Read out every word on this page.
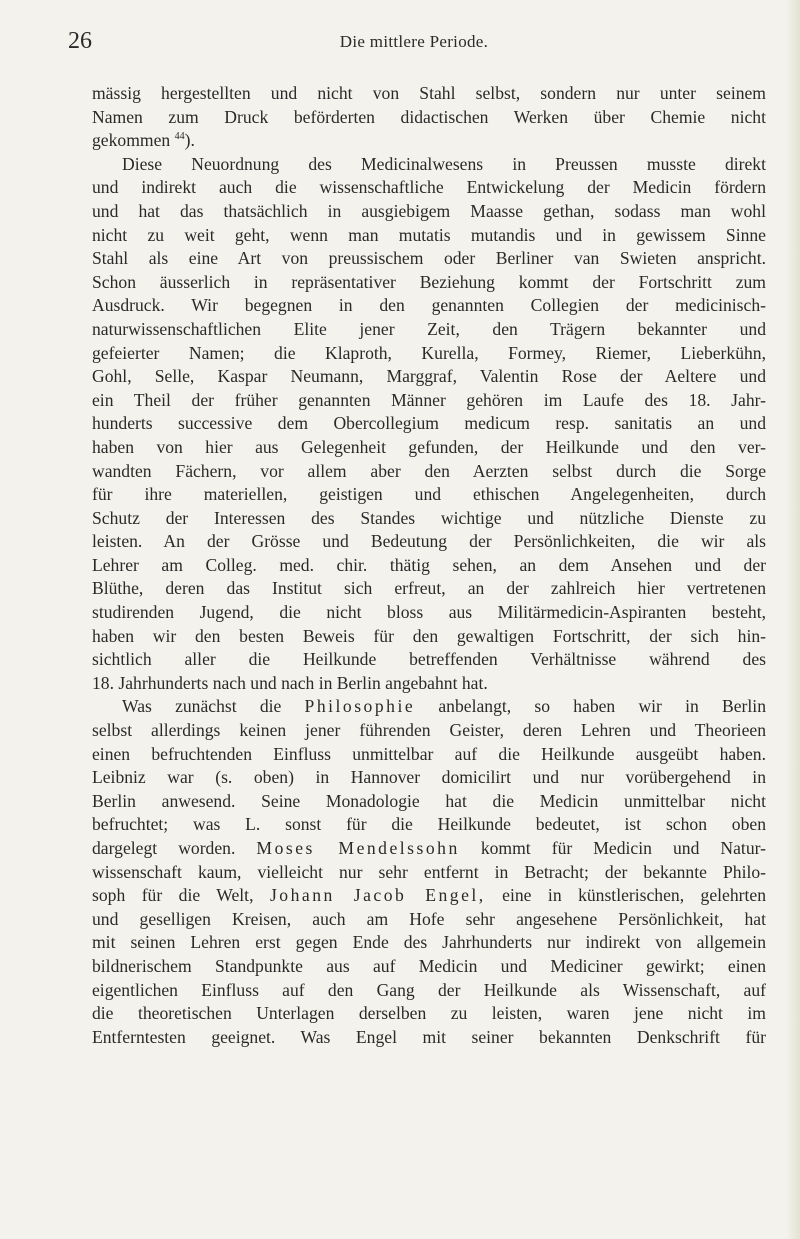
26	Die mittlere Periode.

mässig hergestellten und nicht von Stahl selbst, sondern nur unter seinem

Namen zum Druck beförderten didactischen Werken über Chemie nicht

gekommen $^{44}$).

Diese Neuordnung des Medicinalwesens in Preussen musste direkt

und indirekt auch die wissenschaftliche Entwickelung der Medicin fördern

und hat das thatsächlich in ausgiebigem Maasse gethan, sodass man wohl

nicht zu weit geht, wenn man mutatis mutandis und in gewissem Sinne

Stahl als eine Art von preussischem oder Berliner van Swieten anspricht.

Schon äusserlich in repräsentativer Beziehung kommt der Fortschritt zum

Ausdruck. Wir begegnen in den genannten Collegien der medicinisch-

naturwissenschaftlichen Elite jener Zeit, den Trägern bekannter und

gefeierter Namen; die Klaproth, Kurella, Formey, Riemer, Lieberkühn,

Gohl, Selle, Kaspar Neumann, Marggraf, Valentin Rose der Aeltere und

ein Theil der früher genannten Männer gehören im Laufe des 18. Jahr-

hunderts successive dem Obercollegium medicum resp. sanitatis an und

haben von hier aus Gelegenheit gefunden, der Heilkunde und den ver-

wandten Fächern, vor allem aber den Aerzten selbst durch die Sorge

für ihre materiellen, geistigen und ethischen Angelegenheiten, durch

Schutz der Interessen des Standes wichtige und nützliche Dienste zu

leisten. An der Grösse und Bedeutung der Persönlichkeiten, die wir als

Lehrer am Colleg. med. chir. thätig sehen, an dem Ansehen und der

Blüthe, deren das Institut sich erfreut, an der zahlreich hier vertretenen

studirenden Jugend, die nicht bloss aus Militärmedicin-Aspiranten besteht,

haben wir den besten Beweis für den gewaltigen Fortschritt, der sich hin-

sichtlich aller die Heilkunde betreffenden Verhältnisse während des

18. Jahrhunderts nach und nach in Berlin angebahnt hat.

Was zunächst die Philosophie anbelangt, so haben wir in Berlin

selbst allerdings keinen jener führenden Geister, deren Lehren und Theorieen

einen befruchtenden Einfluss unmittelbar auf die Heilkunde ausgeübt haben.

Leibniz war (s. oben) in Hannover domicilirt und nur vorübergehend in

Berlin anwesend. Seine Monadologie hat die Medicin unmittelbar nicht

befruchtet; was L. sonst für die Heilkunde bedeutet, ist schon oben

dargelegt worden. Moses Mendelssohn kommt für Medicin und Natur-

wissenschaft kaum, vielleicht nur sehr entfernt in Betracht; der bekannte Philo-

soph für die Welt, Johann Jacob Engel, eine in künstlerischen, gelehrten

und geselligen Kreisen, auch am Hofe sehr angesehene Persönlichkeit, hat

mit seinen Lehren erst gegen Ende des Jahrhunderts nur indirekt von allgemein

bildnerischem Standpunkte aus auf Medicin und Mediciner gewirkt; einen

eigentlichen Einfluss auf den Gang der Heilkunde als Wissenschaft, auf

die theoretischen Unterlagen derselben zu leisten, waren jene nicht im

Entferntesten geeignet. Was Engel mit seiner bekannten Denkschrift für
